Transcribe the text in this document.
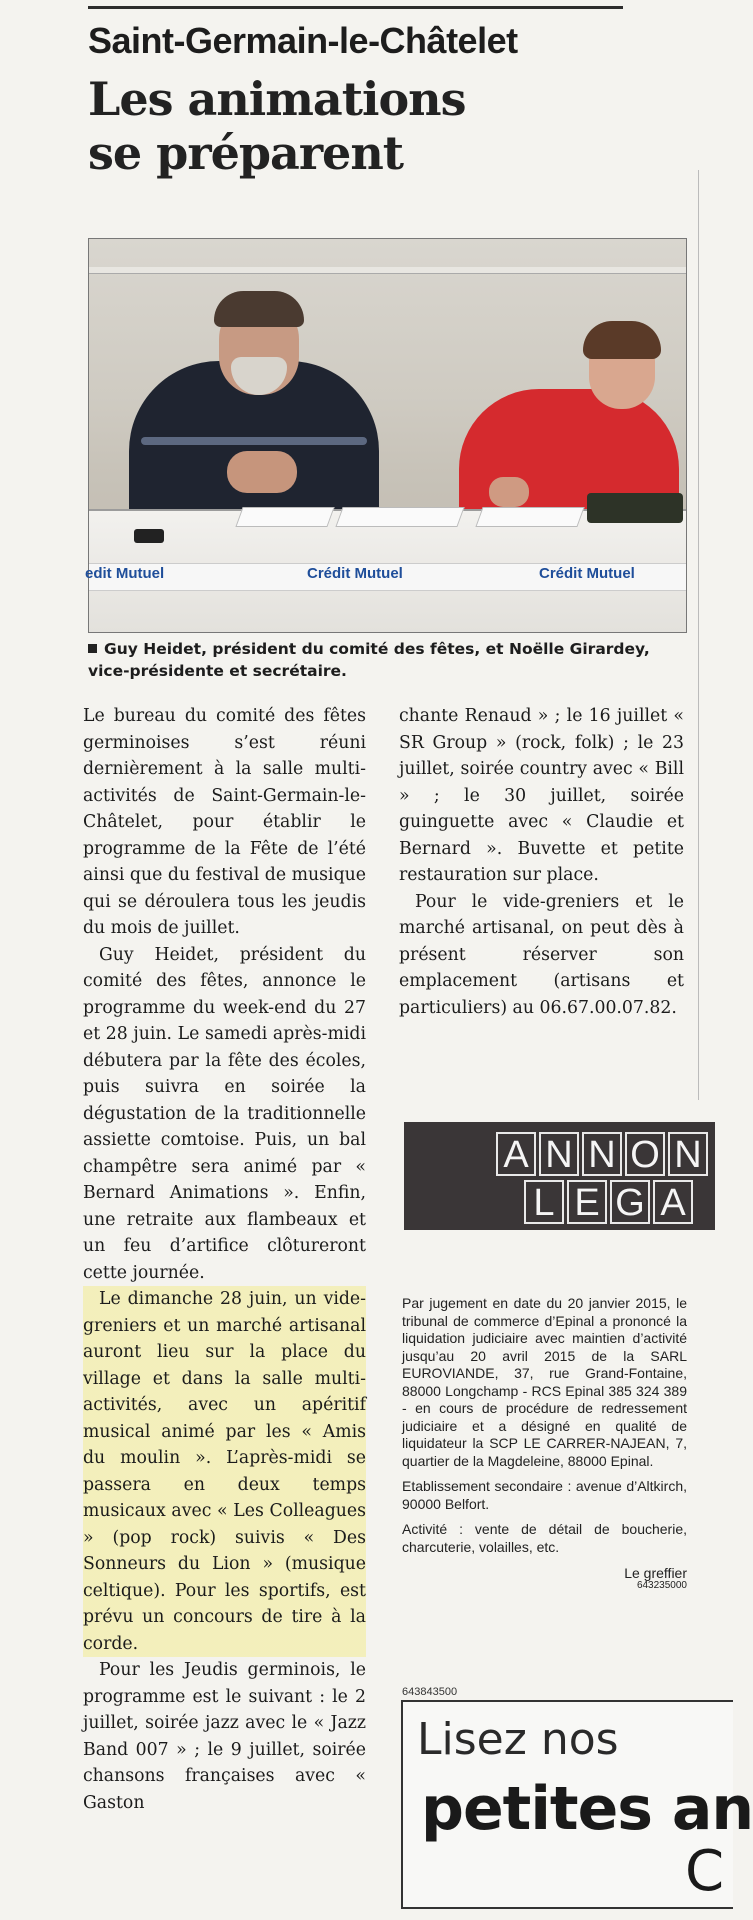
Saint-Germain-le-Châtelet
Les animations
se préparent
edit Mutuel	Crédit Mutuel	Crédit Mutuel
Guy Heidet, président du comité des fêtes, et Noëlle Girardey, vice-présidente et secrétaire.

Le bureau du comité des fêtes germinoises s’est réuni dernièrement à la salle multi-activités de Saint-Germain-le-Châtelet, pour établir le programme de la Fête de l’été ainsi que du festival de musique qui se déroulera tous les jeudis du mois de juillet.

Guy Heidet, président du comité des fêtes, annonce le programme du week-end du 27 et 28 juin. Le samedi après-midi débutera par la fête des écoles, puis suivra en soirée la dégustation de la traditionnelle assiette comtoise. Puis, un bal champêtre sera animé par « Bernard Animations ». Enfin, une retraite aux flambeaux et un feu d’artifice clôtureront cette journée.

Le dimanche 28 juin, un vide-greniers et un marché artisanal auront lieu sur la place du village et dans la salle multi-activités, avec un apéritif musical animé par les « Amis du moulin ». L’après-midi se passera en deux temps musicaux avec « Les Colleagues » (pop rock) suivis « Des Sonneurs du Lion » (musique celtique). Pour les sportifs, est prévu un concours de tire à la corde.

Pour les Jeudis germinois, le programme est le suivant : le 2 juillet, soirée jazz avec le « Jazz Band 007 » ; le 9 juillet, soirée chansons françaises avec « Gaston

chante Renaud » ; le 16 juillet « SR Group » (rock, folk) ; le 23 juillet, soirée country avec « Bill » ; le 30 juillet, soirée guinguette avec « Claudie et Bernard ». Buvette et petite restauration sur place.

Pour le vide-greniers et le marché artisanal, on peut dès à présent réserver son emplacement (artisans et particuliers) au 06.67.00.07.82.

A N N O N
L E G A

Par jugement en date du 20 janvier 2015, le tribunal de commerce d’Epinal a prononcé la liquidation judiciaire avec maintien d’activité jusqu’au 20 avril 2015 de la SARL EUROVIANDE, 37, rue Grand-Fontaine, 88000 Longchamp - RCS Epinal 385 324 389 - en cours de procédure de redressement judiciaire et a désigné en qualité de liquidateur la SCP LE CARRER-NAJEAN, 7, quartier de la Magdeleine, 88000 Epinal.

Etablissement secondaire : avenue d’Altkirch, 90000 Belfort.

Activité : vente de détail de boucherie, charcuterie, volailles, etc.

Le greffier
643235000
643843500
Lisez nos
petites an
C
